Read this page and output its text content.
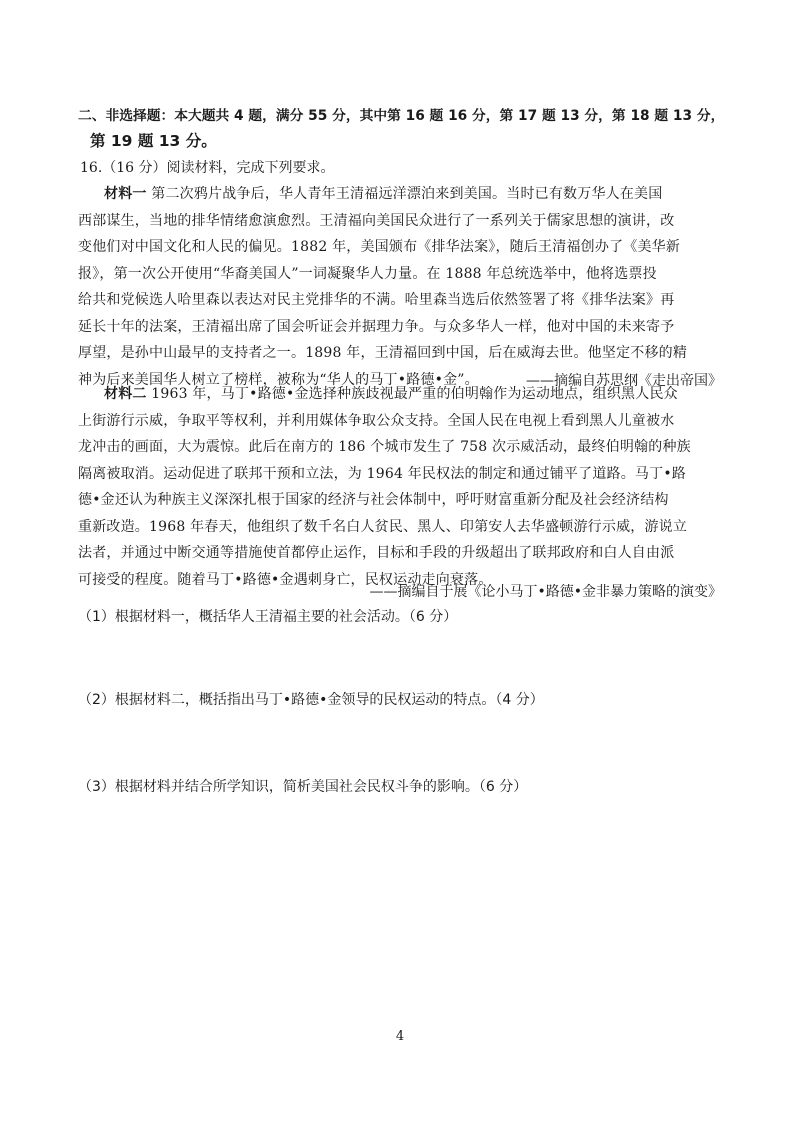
二、非选择题：本大题共 4 题，满分 55 分，其中第 16 题 16 分，第 17 题 13 分，第 18 题 13 分，
第 19 题 13 分。
16.（16 分）阅读材料，完成下列要求。
材料一 第二次鸦片战争后，华人青年王清福远洋漂泊来到美国。当时已有数万华人在美国
西部谋生，当地的排华情绪愈演愈烈。王清福向美国民众进行了一系列关于儒家思想的演讲，改
变他们对中国文化和人民的偏见。1882 年，美国颁布《排华法案》，随后王清福创办了《美华新
报》，第一次公开使用“华裔美国人”一词凝聚华人力量。在 1888 年总统选举中，他将选票投
给共和党候选人哈里森以表达对民主党排华的不满。哈里森当选后依然签署了将《排华法案》再
延长十年的法案，王清福出席了国会听证会并据理力争。与众多华人一样，他对中国的未来寄予
厚望，是孙中山最早的支持者之一。1898 年，王清福回到中国，后在威海去世。他坚定不移的精
神为后来美国华人树立了榜样，被称为“华人的马丁•路德•金”。	——摘编自苏思纲《走出帝国》
材料二 1963 年，马丁•路德•金选择种族歧视最严重的伯明翰作为运动地点，组织黑人民众
上街游行示威，争取平等权利，并利用媒体争取公众支持。全国人民在电视上看到黑人儿童被水
龙冲击的画面，大为震惊。此后在南方的 186 个城市发生了 758 次示威活动，最终伯明翰的种族
隔离被取消。运动促进了联邦干预和立法，为 1964 年民权法的制定和通过铺平了道路。马丁•路
德•金还认为种族主义深深扎根于国家的经济与社会体制中，呼吁财富重新分配及社会经济结构
重新改造。1968 年春天，他组织了数千名白人贫民、黑人、印第安人去华盛顿游行示威，游说立
法者，并通过中断交通等措施使首都停止运作，目标和手段的升级超出了联邦政府和白人自由派
可接受的程度。随着马丁•路德•金遇刺身亡，民权运动走向衰落。
——摘编自于展《论小马丁•路德•金非暴力策略的演变》
（1）根据材料一，概括华人王清福主要的社会活动。（6 分）
（2）根据材料二，概括指出马丁•路德•金领导的民权运动的特点。（4 分）
（3）根据材料并结合所学知识，简析美国社会民权斗争的影响。（6 分）
4
